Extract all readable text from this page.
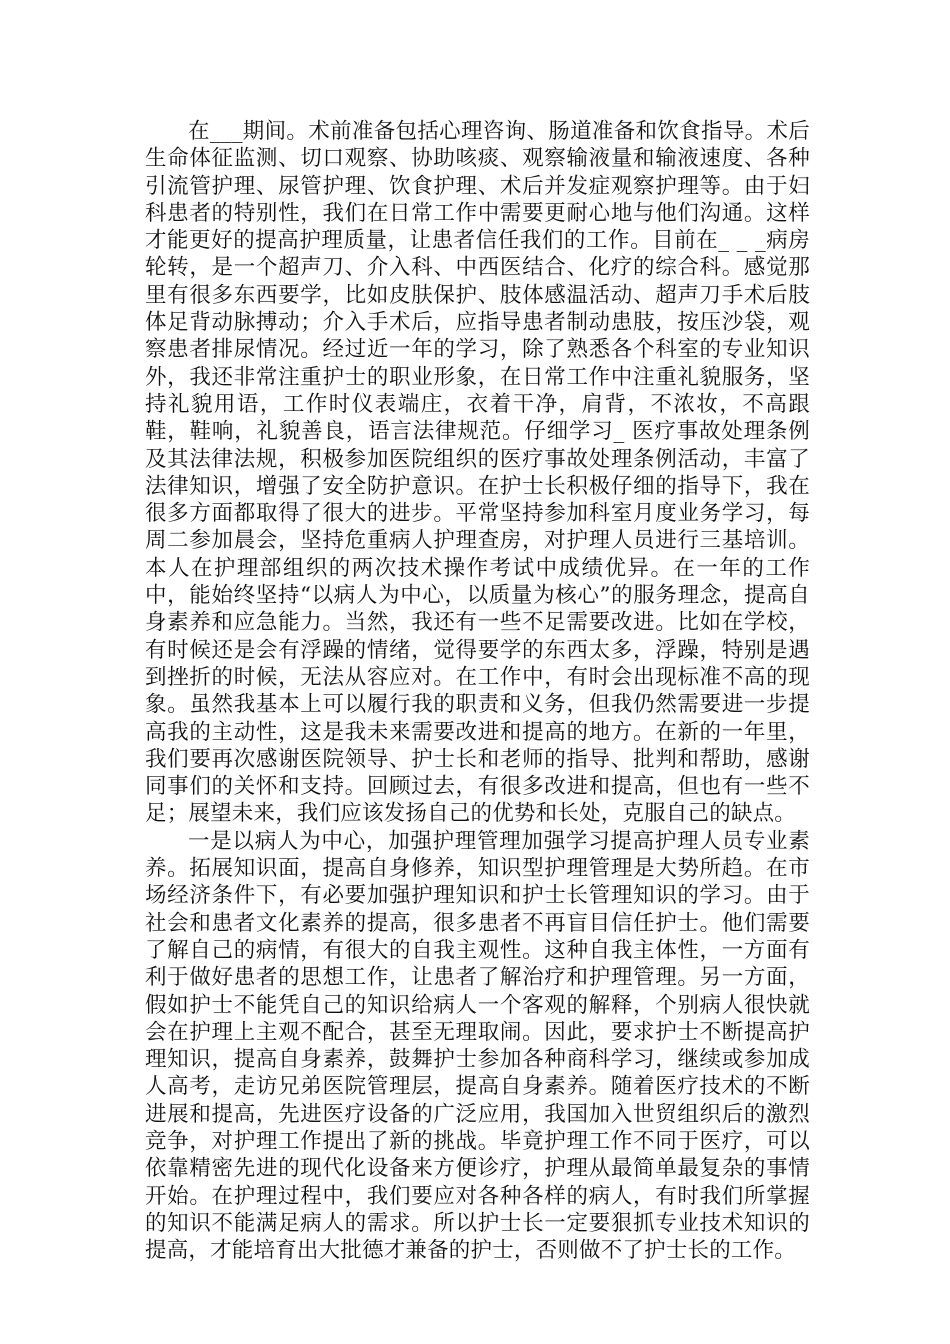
在___期间。术前准备包括心理咨询、肠道准备和饮食指导。术后生命体征监测、切口观察、协助咳痰、观察输液量和输液速度、各种引流管护理、尿管护理、饮食护理、术后并发症观察护理等。由于妇科患者的特别性，我们在日常工作中需要更耐心地与他们沟通。这样才能更好的提高护理质量，让患者信任我们的工作。目前在_ _ _病房轮转，是一个超声刀、介入科、中西医结合、化疗的综合科。感觉那里有很多东西要学，比如皮肤保护、肢体感温活动、超声刀手术后肢体足背动脉搏动；介入手术后，应指导患者制动患肢，按压沙袋，观察患者排尿情况。经过近一年的学习，除了熟悉各个科室的专业知识外，我还非常注重护士的职业形象，在日常工作中注重礼貌服务，坚持礼貌用语，工作时仪表端庄，衣着干净，肩背，不浓妆，不高跟鞋，鞋响，礼貌善良，语言法律规范。仔细学习_ 医疗事故处理条例及其法律法规，积极参加医院组织的医疗事故处理条例活动，丰富了法律知识，增强了安全防护意识。在护士长积极仔细的指导下，我在很多方面都取得了很大的进步。平常坚持参加科室月度业务学习，每周二参加晨会，坚持危重病人护理查房，对护理人员进行三基培训。本人在护理部组织的两次技术操作考试中成绩优异。在一年的工作中，能始终坚持“以病人为中心，以质量为核心”的服务理念，提高自身素养和应急能力。当然，我还有一些不足需要改进。比如在学校，有时候还是会有浮躁的情绪，觉得要学的东西太多，浮躁，特别是遇到挫折的时候，无法从容应对。在工作中，有时会出现标准不高的现象。虽然我基本上可以履行我的职责和义务，但我仍然需要进一步提高我的主动性，这是我未来需要改进和提高的地方。在新的一年里，我们要再次感谢医院领导、护士长和老师的指导、批判和帮助，感谢同事们的关怀和支持。回顾过去，有很多改进和提高，但也有一些不足；展望未来，我们应该发扬自己的优势和长处，克服自己的缺点。

一是以病人为中心，加强护理管理加强学习提高护理人员专业素养。拓展知识面，提高自身修养，知识型护理管理是大势所趋。在市场经济条件下，有必要加强护理知识和护士长管理知识的学习。由于社会和患者文化素养的提高，很多患者不再盲目信任护士。他们需要了解自己的病情，有很大的自我主观性。这种自我主体性，一方面有利于做好患者的思想工作，让患者了解治疗和护理管理。另一方面，假如护士不能凭自己的知识给病人一个客观的解释，个别病人很快就会在护理上主观不配合，甚至无理取闹。因此，要求护士不断提高护理知识，提高自身素养，鼓舞护士参加各种商科学习，继续或参加成人高考，走访兄弟医院管理层，提高自身素养。随着医疗技术的不断进展和提高，先进医疗设备的广泛应用，我国加入世贸组织后的激烈竞争，对护理工作提出了新的挑战。毕竟护理工作不同于医疗，可以依靠精密先进的现代化设备来方便诊疗，护理从最简单最复杂的事情开始。在护理过程中，我们要应对各种各样的病人，有时我们所掌握的知识不能满足病人的需求。所以护士长一定要狠抓专业技术知识的提高，才能培育出大批德才兼备的护士，否则做不了护士长的工作。
